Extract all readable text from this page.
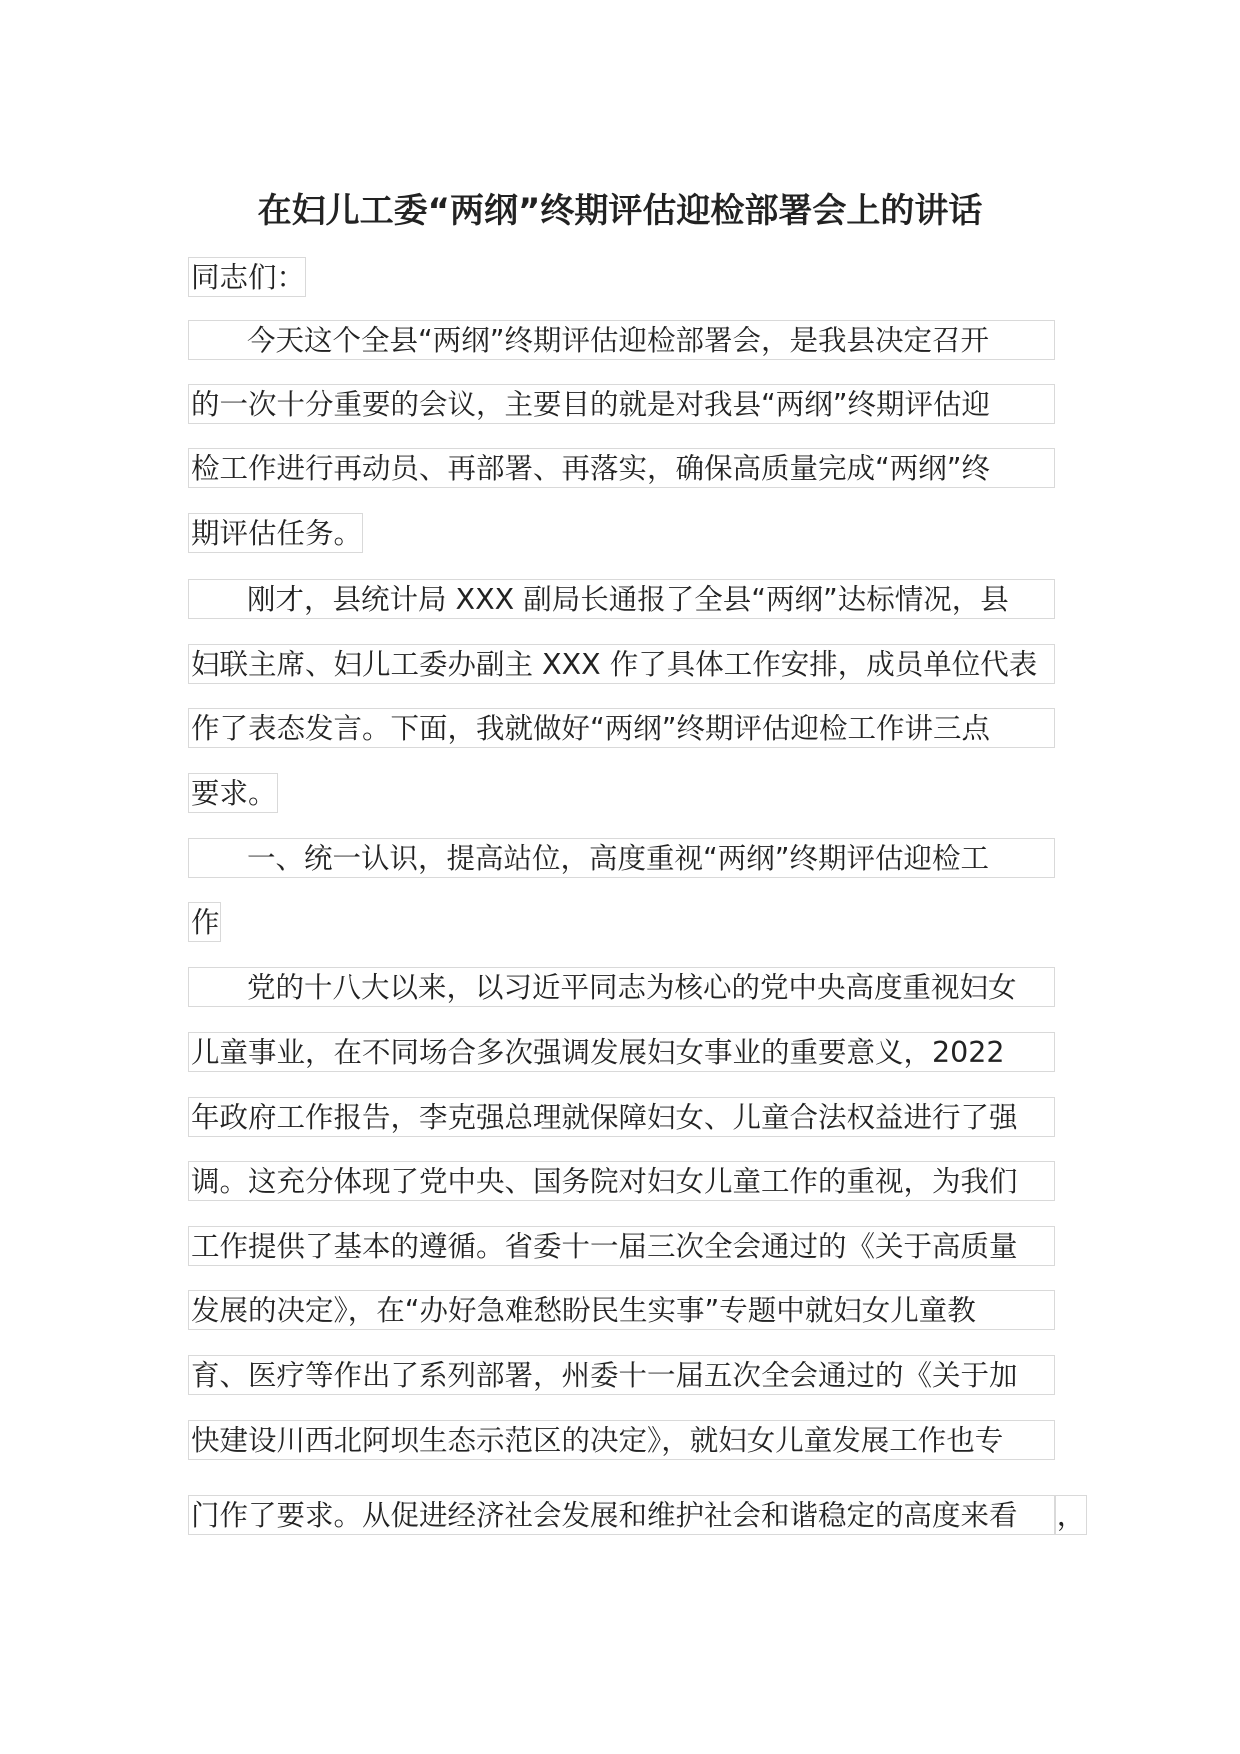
在妇儿工委“两纲”终期评估迎检部署会上的讲话
同志们：
今天这个全县“两纲”终期评估迎检部署会，是我县决定召开
的一次十分重要的会议，主要目的就是对我县“两纲”终期评估迎
检工作进行再动员、再部署、再落实，确保高质量完成“两纲”终
期评估任务。
刚才，县统计局 XXX 副局长通报了全县“两纲”达标情况，县
妇联主席、妇儿工委办副主 XXX 作了具体工作安排，成员单位代表
作了表态发言。下面，我就做好“两纲”终期评估迎检工作讲三点
要求。
一、统一认识，提高站位，高度重视“两纲”终期评估迎检工
作
党的十八大以来，以习近平同志为核心的党中央高度重视妇女
儿童事业，在不同场合多次强调发展妇女事业的重要意义，2022
年政府工作报告，李克强总理就保障妇女、儿童合法权益进行了强
调。这充分体现了党中央、国务院对妇女儿童工作的重视，为我们
工作提供了基本的遵循。省委十一届三次全会通过的《关于高质量
发展的决定》，在“办好急难愁盼民生实事”专题中就妇女儿童教
育、医疗等作出了系列部署，州委十一届五次全会通过的《关于加
快建设川西北阿坝生态示范区的决定》，就妇女儿童发展工作也专
门作了要求。从促进经济社会发展和维护社会和谐稳定的高度来看	，
